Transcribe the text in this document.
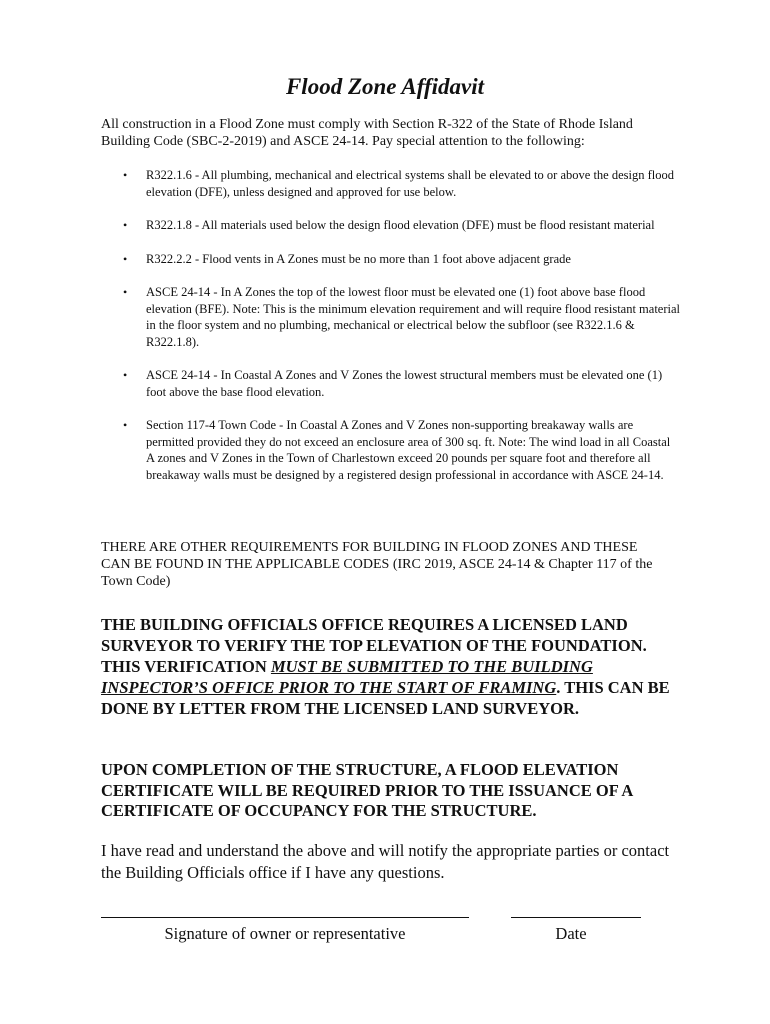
Flood Zone Affidavit

All construction in a Flood Zone must comply with Section R-322 of the State of Rhode Island Building Code (SBC-2-2019) and ASCE 24-14. Pay special attention to the following:

• R322.1.6 - All plumbing, mechanical and electrical systems shall be elevated to or above the design flood elevation (DFE), unless designed and approved for use below.
• R322.1.8 - All materials used below the design flood elevation (DFE) must be flood resistant material
• R322.2.2 - Flood vents in A Zones must be no more than 1 foot above adjacent grade
• ASCE 24-14 - In A Zones the top of the lowest floor must be elevated one (1) foot above base flood elevation (BFE). Note: This is the minimum elevation requirement and will require flood resistant material in the floor system and no plumbing, mechanical or electrical below the subfloor (see R322.1.6 & R322.1.8).
• ASCE 24-14 - In Coastal A Zones and V Zones the lowest structural members must be elevated one (1) foot above the base flood elevation.
• Section 117-4 Town Code - In Coastal A Zones and V Zones non-supporting breakaway walls are permitted provided they do not exceed an enclosure area of 300 sq. ft. Note: The wind load in all Coastal A zones and V Zones in the Town of Charlestown exceed 20 pounds per square foot and therefore all breakaway walls must be designed by a registered design professional in accordance with ASCE 24-14.

THERE ARE OTHER REQUIREMENTS FOR BUILDING IN FLOOD ZONES AND THESE CAN BE FOUND IN THE APPLICABLE CODES (IRC 2019, ASCE 24-14 & Chapter 117 of the Town Code)

THE BUILDING OFFICIALS OFFICE REQUIRES A LICENSED LAND SURVEYOR TO VERIFY THE TOP ELEVATION OF THE FOUNDATION. THIS VERIFICATION MUST BE SUBMITTED TO THE BUILDING INSPECTOR’S OFFICE PRIOR TO THE START OF FRAMING. THIS CAN BE DONE BY LETTER FROM THE LICENSED LAND SURVEYOR.

UPON COMPLETION OF THE STRUCTURE, A FLOOD ELEVATION CERTIFICATE WILL BE REQUIRED PRIOR TO THE ISSUANCE OF A CERTIFICATE OF OCCUPANCY FOR THE STRUCTURE.

I have read and understand the above and will notify the appropriate parties or contact the Building Officials office if I have any questions.

Signature of owner or representative	Date
